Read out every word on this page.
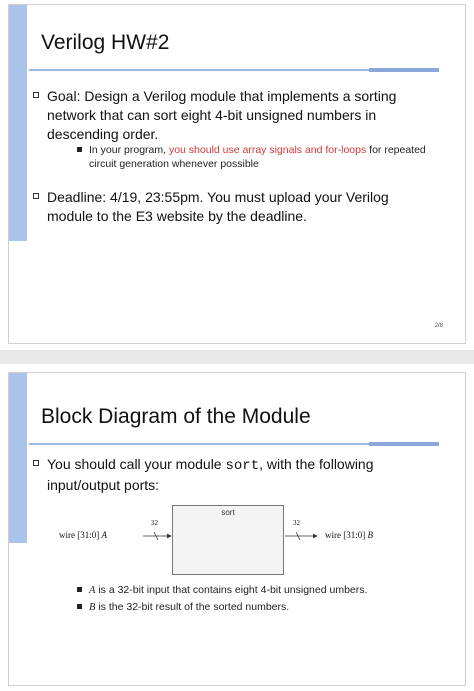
Verilog HW#2
Goal: Design a Verilog module that implements a sorting network that can sort eight 4-bit unsigned numbers in descending order.
In your program, you should use array signals and for-loops for repeated circuit generation whenever possible
Deadline: 4/19, 23:55pm. You must upload your Verilog module to the E3 website by the deadline.
2/8
Block Diagram of the Module
You should call your module sort, with the following input/output ports:
sort
32	32
wire [31:0] A	wire [31:0] B
A is a 32-bit input that contains eight 4-bit unsigned umbers.
B is the 32-bit result of the sorted numbers.
